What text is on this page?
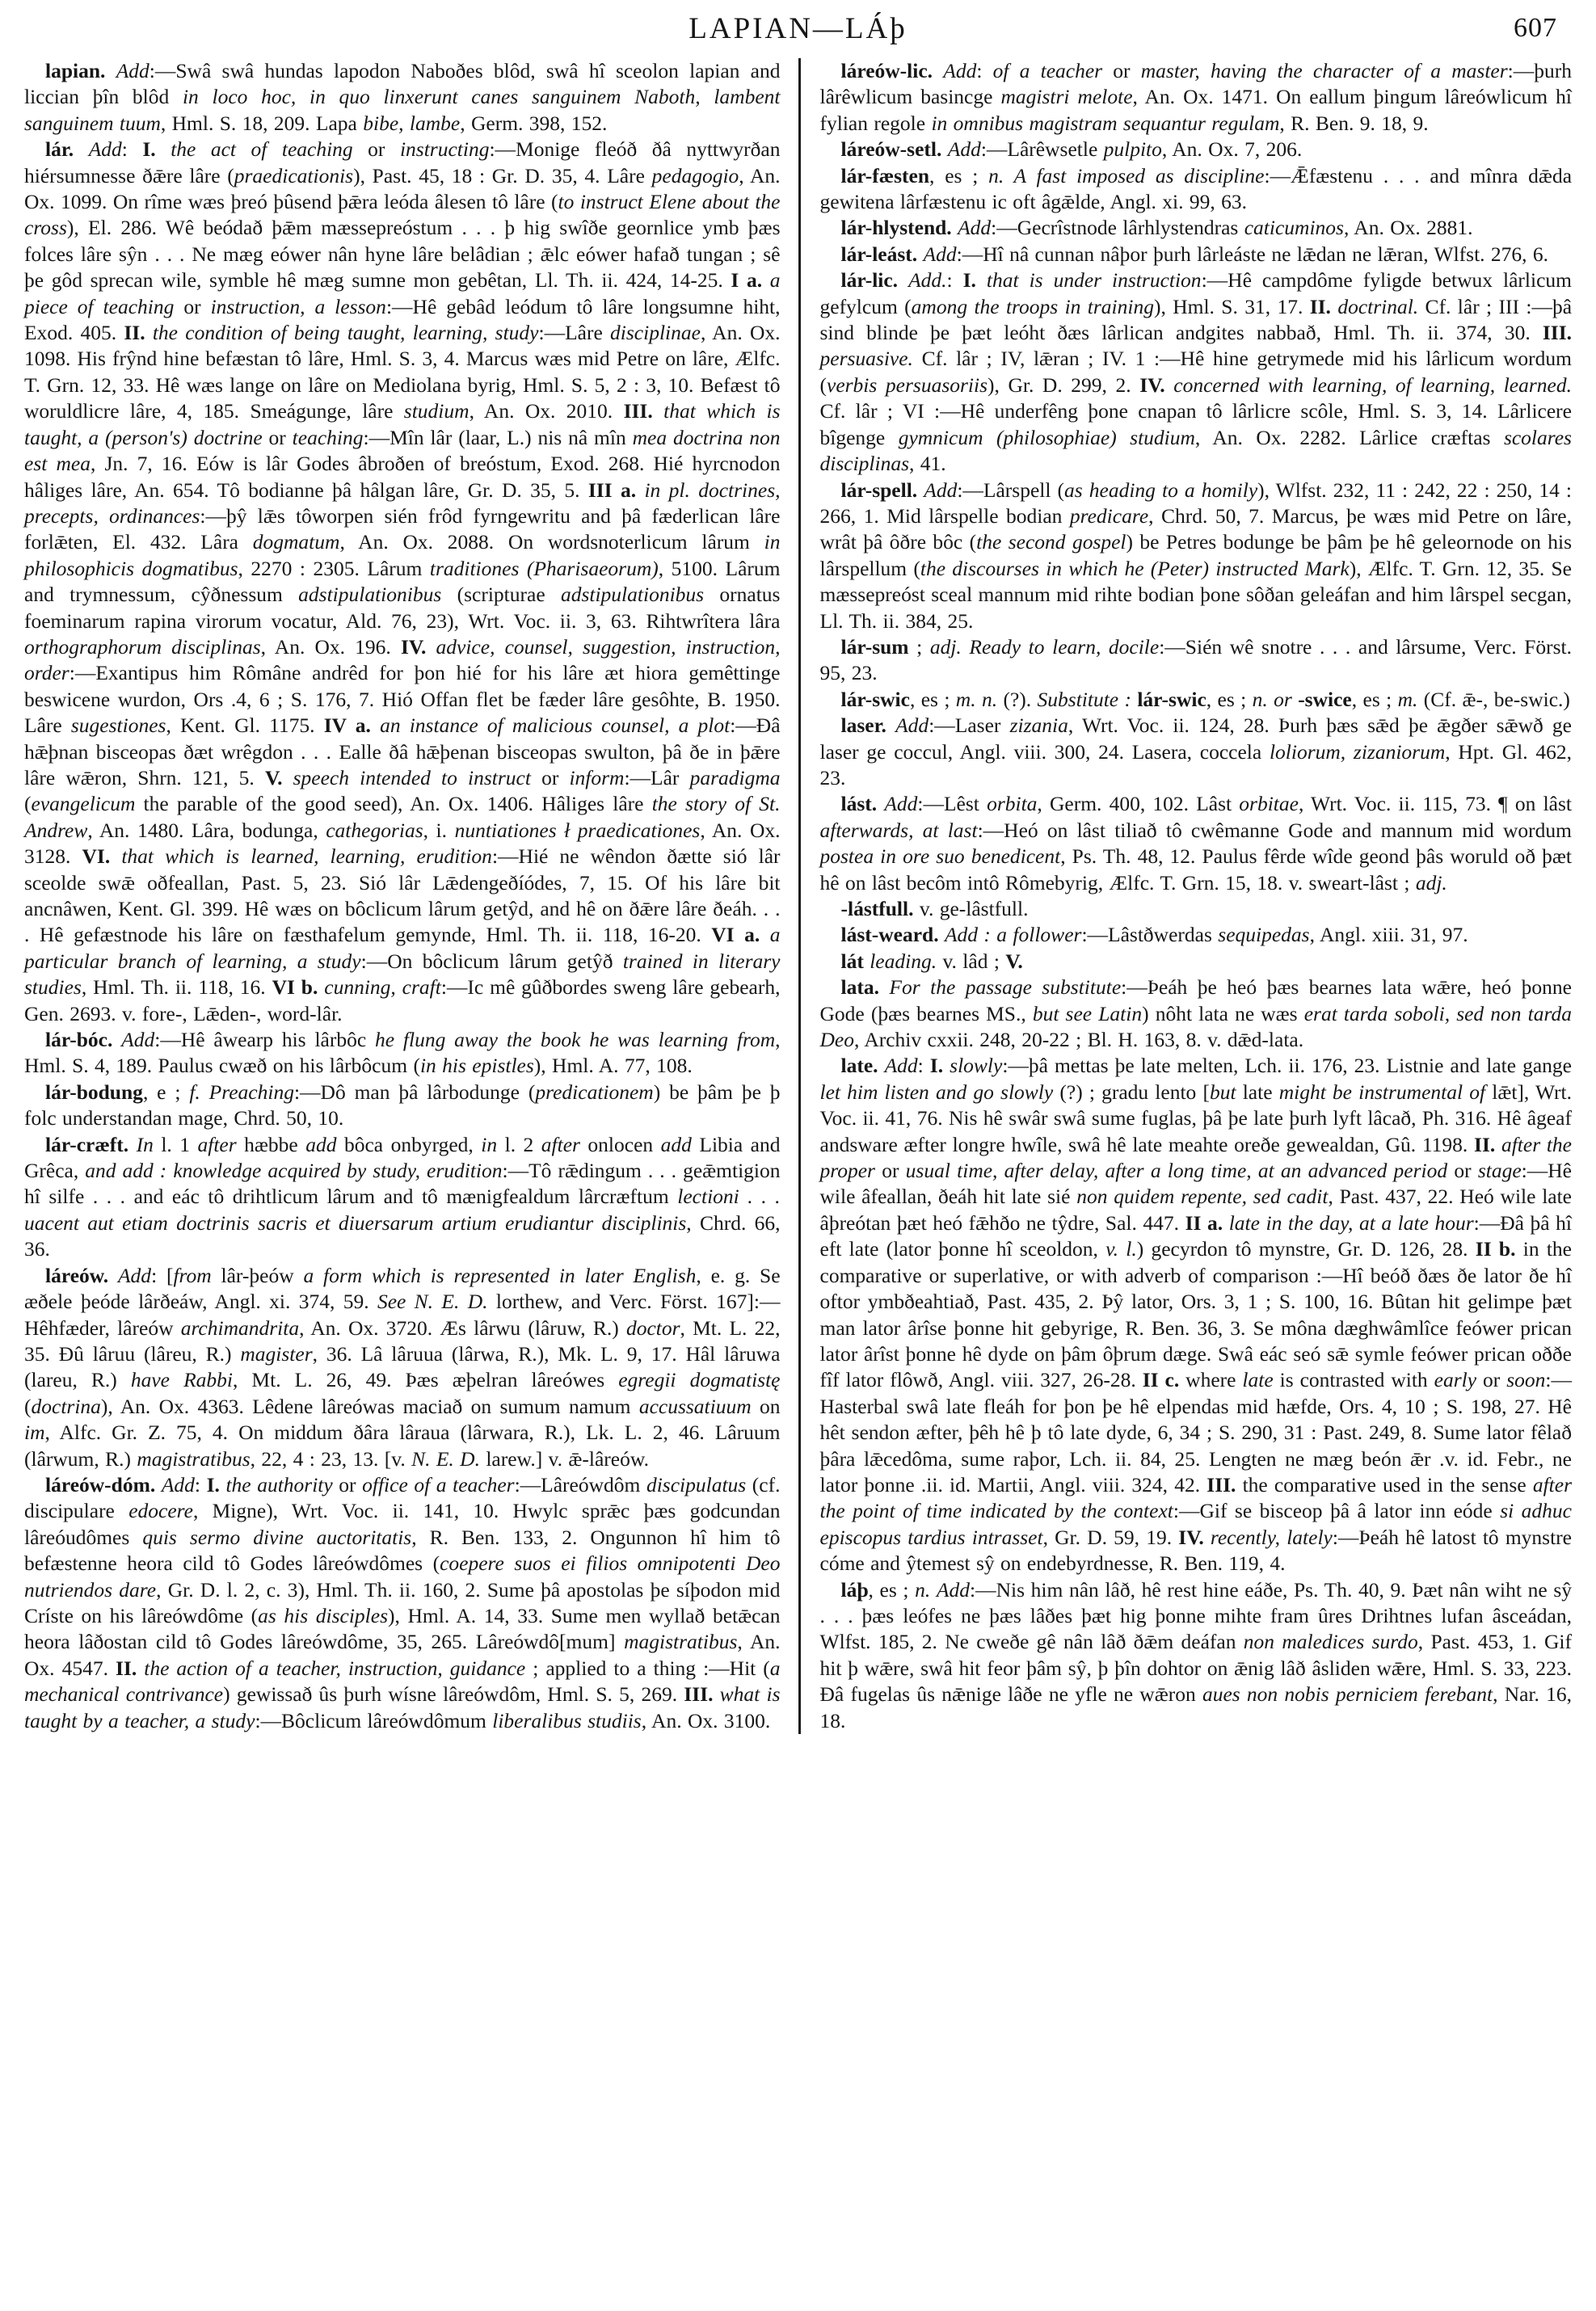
LAPIAN—LÁþ	607

lapian. Add:—Swâ swâ hundas lapodon Naboðes blôd, swâ hî sceolon lapian and liccian þîn blôd in loco hoc, in quo linxerunt canes sanguinem Naboth, lambent sanguinem tuum, Hml. S. 18, 209. Lapa bibe, lambe, Germ. 398, 152.

lár. Add: I. the act of teaching or instructing:—Monige fleóð ðâ nyttwyrðan hiérsumnesse ðǣre lâre (praedicationis), Past. 45, 18 : Gr. D. 35, 4. Lâre pedagogio, An. Ox. 1099. On rîme wæs þreó þûsend þǣra leóda âlesen tô lâre (to instruct Elene about the cross), El. 286. Wê beódað þǣm mæssepreóstum . . . þ hig swîðe geornlice ymb þæs folces lâre sŷn . . . Ne mæg eówer nân hyne lâre belâdian ; ǣlc eówer hafað tungan ; sê þe gôd sprecan wile, symble hê mæg sumne mon gebêtan, Ll. Th. ii. 424, 14-25. I a. a piece of teaching or instruction, a lesson:—Hê gebâd leódum tô lâre longsumne hiht, Exod. 405. II. the condition of being taught, learning, study:—Lâre disciplinae, An. Ox. 1098. His frŷnd hine befæstan tô lâre, Hml. S. 3, 4. Marcus wæs mid Petre on lâre, Ælfc. T. Grn. 12, 33. Hê wæs lange on lâre on Mediolana byrig, Hml. S. 5, 2 : 3, 10. Befæst tô woruldlicre lâre, 4, 185. Smeágunge, lâre studium, An. Ox. 2010. III. that which is taught, a (person's) doctrine or teaching:—Mîn lâr (laar, L.) nis nâ mîn mea doctrina non est mea, Jn. 7, 16. Eów is lâr Godes âbroðen of breóstum, Exod. 268. Hié hyrcnodon hâliges lâre, An. 654. Tô bodianne þâ hâlgan lâre, Gr. D. 35, 5. III a. in pl. doctrines, precepts, ordinances:—þŷ lǣs tôworpen sién frôd fyrngewritu and þâ fæderlican lâre forlǣten, El. 432. Lâra dogmatum, An. Ox. 2088. On wordsnoterlicum lârum in philosophicis dogmatibus, 2270 : 2305. Lârum traditiones (Pharisaeorum), 5100. Lârum and trymnessum, cŷðnessum adstipulationibus (scripturae adstipulationibus ornatus foeminarum rapina virorum vocatur, Ald. 76, 23), Wrt. Voc. ii. 3, 63. Rihtwrîtera lâra orthographorum disciplinas, An. Ox. 196. IV. advice, counsel, suggestion, instruction, order:—Exantipus him Rômâne andrêd for þon hié for his lâre æt hiora gemêttinge beswicene wurdon, Ors .4, 6 ; S. 176, 7. Hió Offan flet be fæder lâre gesôhte, B. 1950. Lâre sugestiones, Kent. Gl. 1175. IV a. an instance of malicious counsel, a plot:—Đâ hǣþnan bisceopas ðæt wrêgdon . . . Ealle ðâ hǣþenan bisceopas swulton, þâ ðe in þǣre lâre wǣron, Shrn. 121, 5. V. speech intended to instruct or inform:—Lâr paradigma (evangelicum the parable of the good seed), An. Ox. 1406. Hâliges lâre the story of St. Andrew, An. 1480. Lâra, bodunga, cathegorias, i. nuntiationes ł praedicationes, An. Ox. 3128. VI. that which is learned, learning, erudition:—Hié ne wêndon ðætte sió lâr sceolde swǣ oðfeallan, Past. 5, 23. Sió lâr Lǣdengeðíódes, 7, 15. Of his lâre bit ancnâwen, Kent. Gl. 399. Hê wæs on bôclicum lârum getŷd, and hê on ðǣre lâre ðeáh. . . . Hê gefæstnode his lâre on fæsthafelum gemynde, Hml. Th. ii. 118, 16-20. VI a. a particular branch of learning, a study:—On bôclicum lârum getŷð trained in literary studies, Hml. Th. ii. 118, 16. VI b. cunning, craft:—Ic mê gûðbordes sweng lâre gebearh, Gen. 2693. v. fore-, Lǣden-, word-lâr.

lár-bóc. Add:—Hê âwearp his lârbôc he flung away the book he was learning from, Hml. S. 4, 189. Paulus cwæð on his lârbôcum (in his epistles), Hml. A. 77, 108.

lár-bodung, e ; f. Preaching:—Dô man þâ lârbodunge (predicationem) be þâm þe þ folc understandan mage, Chrd. 50, 10.

lár-cræft. In l. 1 after hæbbe add bôca onbyrged, in l. 2 after onlocen add Libia and Grêca, and add : knowledge acquired by study, erudition:—Tô rǣdingum . . . geǣmtigion hî silfe . . . and eác tô drihtlicum lârum and tô mænigfealdum lârcræftum lectioni . . . uacent aut etiam doctrinis sacris et diuersarum artium erudiantur disciplinis, Chrd. 66, 36.

láreów. Add: [from lâr-þeów a form which is represented in later English, e. g. Se æðele þeóde lârðeáw, Angl. xi. 374, 59. See N. E. D. lorthew, and Verc. Först. 167]:—Hêhfæder, lâreów archimandrita, An. Ox. 3720. Æs lârwu (lâruw, R.) doctor, Mt. L. 22, 35. Ðû lâruu (lâreu, R.) magister, 36. Lâ lâruua (lârwa, R.), Mk. L. 9, 17. Hâl lâruwa (lareu, R.) have Rabbi, Mt. L. 26, 49. Þæs æþelran lâreówes egregii dogmatistę (doctrina), An. Ox. 4363. Lêdene lâreówas maciað on sumum namum accussatiuum on im, Alfc. Gr. Z. 75, 4. On middum ðâra lâraua (lârwara, R.), Lk. L. 2, 46. Lâruum (lârwum, R.) magistratibus, 22, 4 : 23, 13. [v. N. E. D. larew.] v. ǣ-lâreów.

láreów-dóm. Add: I. the authority or office of a teacher:—Lâreówdôm discipulatus (cf. discipulare edocere, Migne), Wrt. Voc. ii. 141, 10. Hwylc sprǣc þæs godcundan lâreóudômes quis sermo divine auctoritatis, R. Ben. 133, 2. Ongunnon hî him tô befæstenne heora cild tô Godes lâreówdômes (coepere suos ei filios omnipotenti Deo nutriendos dare, Gr. D. l. 2, c. 3), Hml. Th. ii. 160, 2. Sume þâ apostolas þe síþodon mid Críste on his lâreówdôme (as his disciples), Hml. A. 14, 33. Sume men wyllað betǣcan heora lâðostan cild tô Godes lâreówdôme, 35, 265. Lâreówdô[mum] magistratibus, An. Ox. 4547. II. the action of a teacher, instruction, guidance ; applied to a thing :—Hit (a mechanical contrivance) gewissað ûs þurh wísne lâreówdôm, Hml. S. 5, 269. III. what is taught by a teacher, a study:—Bôclicum lâreówdômum liberalibus studiis, An. Ox. 3100.

láreów-lic. Add: of a teacher or master, having the character of a master:—þurh lârêwlicum basincge magistri melote, An. Ox. 1471. On eallum þingum lâreówlicum hî fylian regole in omnibus magistram sequantur regulam, R. Ben. 9. 18, 9.

láreów-setl. Add:—Lârêwsetle pulpito, An. Ox. 7, 206.

lár-fæsten, es ; n. A fast imposed as discipline:—Ǣfæstenu . . . and mînra dǣda gewitena lârfæstenu ic oft âgǣlde, Angl. xi. 99, 63.

lár-hlystend. Add:—Gecrîstnode lârhlystendras caticuminos, An. Ox. 2881.

lár-leást. Add:—Hî nâ cunnan nâþor þurh lârleáste ne lǣdan ne lǣran, Wlfst. 276, 6.

lár-lic. Add.: I. that is under instruction:—Hê campdôme fyligde betwux lârlicum gefylcum (among the troops in training), Hml. S. 31, 17. II. doctrinal. Cf. lâr ; III :—þâ sind blinde þe þæt leóht ðæs lârlican andgites nabbað, Hml. Th. ii. 374, 30. III. persuasive. Cf. lâr ; IV, lǣran ; IV. 1 :—Hê hine getrymede mid his lârlicum wordum (verbis persuasoriis), Gr. D. 299, 2. IV. concerned with learning, of learning, learned. Cf. lâr ; VI :—Hê underfêng þone cnapan tô lârlicre scôle, Hml. S. 3, 14. Lârlicere bîgenge gymnicum (philosophiae) studium, An. Ox. 2282. Lârlice cræftas scolares disciplinas, 41.

lár-spell. Add:—Lârspell (as heading to a homily), Wlfst. 232, 11 : 242, 22 : 250, 14 : 266, 1. Mid lârspelle bodian predicare, Chrd. 50, 7. Marcus, þe wæs mid Petre on lâre, wrât þâ ôðre bôc (the second gospel) be Petres bodunge be þâm þe hê geleornode on his lârspellum (the discourses in which he (Peter) instructed Mark), Ælfc. T. Grn. 12, 35. Se mæssepreóst sceal mannum mid rihte bodian þone sôðan geleáfan and him lârspel secgan, Ll. Th. ii. 384, 25.

lár-sum ; adj. Ready to learn, docile:—Sién wê snotre . . . and lârsume, Verc. Först. 95, 23.

lár-swic, es ; m. n. (?). Substitute : lár-swic, es ; n. or -swice, es ; m. (Cf. ǣ-, be-swic.)

laser. Add:—Laser zizania, Wrt. Voc. ii. 124, 28. Þurh þæs sǣd þe ǣgðer sǣwð ge laser ge coccul, Angl. viii. 300, 24. Lasera, coccela loliorum, zizaniorum, Hpt. Gl. 462, 23.

lást. Add:—Lêst orbita, Germ. 400, 102. Lâst orbitae, Wrt. Voc. ii. 115, 73. ¶ on lâst afterwards, at last:—Heó on lâst tiliað tô cwêmanne Gode and mannum mid wordum postea in ore suo benedicent, Ps. Th. 48, 12. Paulus fêrde wîde geond þâs woruld oð þæt hê on lâst becôm intô Rômebyrig, Ælfc. T. Grn. 15, 18. v. sweart-lâst ; adj.

-lástfull. v. ge-lâstfull.

lást-weard. Add : a follower:—Lâstðwerdas sequipedas, Angl. xiii. 31, 97.

lát leading. v. lâd ; V.

lata. For the passage substitute:—Þeáh þe heó þæs bearnes lata wǣre, heó þonne Gode (þæs bearnes MS., but see Latin) nôht lata ne wæs erat tarda soboli, sed non tarda Deo, Archiv cxxii. 248, 20-22 ; Bl. H. 163, 8. v. dǣd-lata.

late. Add: I. slowly:—þâ mettas þe late melten, Lch. ii. 176, 23. Listnie and late gange let him listen and go slowly (?) ; gradu lento [but late might be instrumental of lǣt], Wrt. Voc. ii. 41, 76. Nis hê swâr swâ sume fuglas, þâ þe late þurh lyft lâcað, Ph. 316. Hê âgeaf andsware æfter longre hwîle, swâ hê late meahte oreðe gewealdan, Gû. 1198. II. after the proper or usual time, after delay, after a long time, at an advanced period or stage:—Hê wile âfeallan, ðeáh hit late sié non quidem repente, sed cadit, Past. 437, 22. Heó wile late âþreótan þæt heó fǣhðo ne tŷdre, Sal. 447. II a. late in the day, at a late hour:—Đâ þâ hî eft late (lator þonne hî sceoldon, v. l.) gecyrdon tô mynstre, Gr. D. 126, 28. II b. in the comparative or superlative, or with adverb of comparison :—Hî beóð ðæs ðe lator ðe hî oftor ymbðeahtiað, Past. 435, 2. Þŷ lator, Ors. 3, 1 ; S. 100, 16. Bûtan hit gelimpe þæt man lator ârîse þonne hit gebyrige, R. Ben. 36, 3. Se môna dæghwâmlîce feówer prican lator ârîst þonne hê dyde on þâm ôþrum dæge. Swâ eác seó sǣ symle feówer prican oððe fîf lator flôwð, Angl. viii. 327, 26-28. II c. where late is contrasted with early or soon:—Hasterbal swâ late fleáh for þon þe hê elpendas mid hæfde, Ors. 4, 10 ; S. 198, 27. Hê hêt sendon æfter, þêh hê þ tô late dyde, 6, 34 ; S. 290, 31 : Past. 249, 8. Sume lator fêlað þâra lǣcedôma, sume raþor, Lch. ii. 84, 25. Lengten ne mæg beón ǣr .v. id. Febr., ne lator þonne .ii. id. Martii, Angl. viii. 324, 42. III. the comparative used in the sense after the point of time indicated by the context:—Gif se bisceop þâ â lator inn eóde si adhuc episcopus tardius intrasset, Gr. D. 59, 19. IV. recently, lately:—Þeáh hê latost tô mynstre cóme and ŷtemest sŷ on endebyrdnesse, R. Ben. 119, 4.

láþ, es ; n. Add:—Nis him nân lâð, hê rest hine eáðe, Ps. Th. 40, 9. Þæt nân wiht ne sŷ . . . þæs leófes ne þæs lâðes þæt hig þonne mihte fram ûres Drihtnes lufan âsceádan, Wlfst. 185, 2. Ne cweðe gê nân lâð ðǣm deáfan non maledices surdo, Past. 453, 1. Gif hit þ wǣre, swâ hit feor þâm sŷ, þ þîn dohtor on ǣnig lâð âsliden wǣre, Hml. S. 33, 223. Đâ fugelas ûs nǣnige lâðe ne yfle ne wǣron aues non nobis perniciem ferebant, Nar. 16, 18.
